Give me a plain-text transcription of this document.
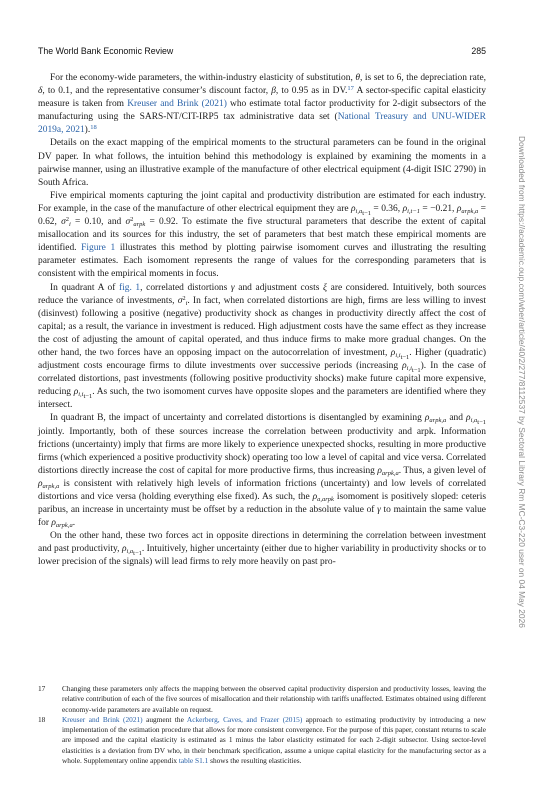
The World Bank Economic Review	285

For the economy-wide parameters, the within-industry elasticity of substitution, θ, is set to 6, the depreciation rate, δ, to 0.1, and the representative consumer’s discount factor, β, to 0.95 as in DV.$^{17}$ A sector-specific capital elasticity measure is taken from Kreuser and Brink (2021) who estimate total factor productivity for 2-digit subsectors of the manufacturing using the SARS-NT/CIT-IRP5 tax administrative data set (National Treasury and UNU-WIDER 2019a, 2021).$^{18}$

Details on the exact mapping of the empirical moments to the structural parameters can be found in the original DV paper. In what follows, the intuition behind this methodology is explained by examining the moments in a pairwise manner, using an illustrative example of the manufacture of other electrical equipment (4-digit ISIC 2790) in South Africa.

Five empirical moments capturing the joint capital and productivity distribution are estimated for each industry. For example, in the case of the manufacture of other electrical equipment they are $\rho_{i,a_{t-1}} = 0.36$, $\rho_{i,t-1} = -0.21$, $\rho_{arpk,a} = 0.62$, $\sigma^2_i = 0.10$, and $\sigma^2_{arpk} = 0.92$. To estimate the five structural parameters that describe the extent of capital misallocation and its sources for this industry, the set of parameters that best match these empirical moments are identified. Figure 1 illustrates this method by plotting pairwise isomoment curves and illustrating the resulting parameter estimates. Each isomoment represents the range of values for the corresponding parameters that is consistent with the empirical moments in focus.

In quadrant A of fig. 1, correlated distortions γ and adjustment costs ξ are considered. Intuitively, both sources reduce the variance of investments, $\sigma^2_i$. In fact, when correlated distortions are high, firms are less willing to invest (disinvest) following a positive (negative) productivity shock as changes in productivity directly affect the cost of capital; as a result, the variance in investment is reduced. High adjustment costs have the same effect as they increase the cost of adjusting the amount of capital operated, and thus induce firms to make more gradual changes. On the other hand, the two forces have an opposing impact on the autocorrelation of investment, $\rho_{i,i_{t-1}}$. Higher (quadratic) adjustment costs encourage firms to dilute investments over successive periods (increasing $\rho_{i,i_{t-1}}$). In the case of correlated distortions, past investments (following positive productivity shocks) make future capital more expensive, reducing $\rho_{i,i_{t-1}}$. As such, the two isomoment curves have opposite slopes and the parameters are identified where they intersect.

In quadrant B, the impact of uncertainty and correlated distortions is disentangled by examining $\rho_{arpk,a}$ and $\rho_{i,a_{t-1}}$ jointly. Importantly, both of these sources increase the correlation between productivity and arpk. Information frictions (uncertainty) imply that firms are more likely to experience unexpected shocks, resulting in more productive firms (which experienced a positive productivity shock) operating too low a level of capital and vice versa. Correlated distortions directly increase the cost of capital for more productive firms, thus increasing $\rho_{arpk,a}$. Thus, a given level of $\rho_{arpk,a}$ is consistent with relatively high levels of information frictions (uncertainty) and low levels of correlated distortions and vice versa (holding everything else fixed). As such, the $\rho_{a,arpk}$ isomoment is positively sloped: ceteris paribus, an increase in uncertainty must be offset by a reduction in the absolute value of γ to maintain the same value for $\rho_{arpk,a}$.

On the other hand, these two forces act in opposite directions in determining the correlation between investment and past productivity, $\rho_{i,a_{t-1}}$. Intuitively, higher uncertainty (either due to higher variability in productivity shocks or to lower precision of the signals) will lead firms to rely more heavily on past pro-

17 Changing these parameters only affects the mapping between the observed capital productivity dispersion and productivity losses, leaving the relative contribution of each of the five sources of misallocation and their relationship with tariffs unaffected. Estimates obtained using different economy-wide parameters are available on request.
18 Kreuser and Brink (2021) augment the Ackerberg, Caves, and Frazer (2015) approach to estimating productivity by introducing a new implementation of the estimation procedure that allows for more consistent convergence. For the purpose of this paper, constant returns to scale are imposed and the capital elasticity is estimated as 1 minus the labor elasticity estimated for each 2-digit subsector. Using sector-level elasticities is a deviation from DV who, in their benchmark specification, assume a unique capital elasticity for the manufacturing sector as a whole. Supplementary online appendix table S1.1 shows the resulting elasticities.
Downloaded from https://academic.oup.com/wber/article/40/2/277/8112537 by Sectoral Library Rm MC-C3-220 user on 04 May 2026
